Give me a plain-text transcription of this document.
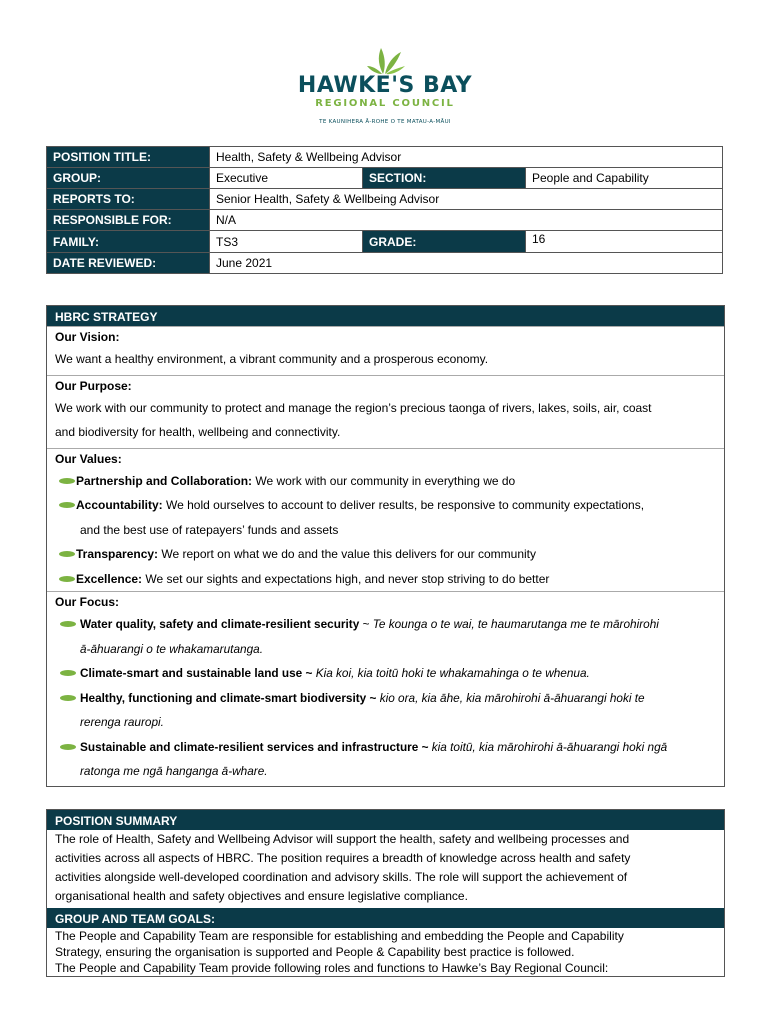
HAWKE'S BAY
REGIONAL COUNCIL
TE KAUNIHERA Ā-ROHE O TE MATAU-A-MĀUI
POSITION TITLE:	Health, Safety & Wellbeing Advisor		
GROUP:	Executive	SECTION:	People and Capability
REPORTS TO:	Senior Health, Safety & Wellbeing Advisor		
RESPONSIBLE FOR:	N/A		
FAMILY:	TS3	GRADE:	16
DATE REVIEWED:	June 2021		
HBRC STRATEGY
Our Vision:
We want a healthy environment, a vibrant community and a prosperous economy.
Our Purpose:
We work with our community to protect and manage the region’s precious taonga of rivers, lakes, soils, air, coast
and biodiversity for health, wellbeing and connectivity.
Our Values:
Partnership and Collaboration: We work with our community in everything we do
Accountability: We hold ourselves to account to deliver results, be responsive to community expectations,
and the best use of ratepayers’ funds and assets
Transparency: We report on what we do and the value this delivers for our community
Excellence: We set our sights and expectations high, and never stop striving to do better
Our Focus:
Water quality, safety and climate-resilient security ~ Te kounga o te wai, te haumarutanga me te mārohirohi
ā-āhuarangi o te whakamarutanga.
Climate-smart and sustainable land use ~ Kia koi, kia toitū hoki te whakamahinga o te whenua.
Healthy, functioning and climate-smart biodiversity ~ kio ora, kia āhe, kia mārohirohi ā-āhuarangi hoki te
rerenga rauropi.
Sustainable and climate-resilient services and infrastructure ~ kia toitū, kia mārohirohi ā-āhuarangi hoki ngā
ratonga me ngā hanganga ā-whare.
POSITION SUMMARY
The role of Health, Safety and Wellbeing Advisor will support the health, safety and wellbeing processes and
activities across all aspects of HBRC. The position requires a breadth of knowledge across health and safety
activities alongside well-developed coordination and advisory skills. The role will support the achievement of
organisational health and safety objectives and ensure legislative compliance.
GROUP AND TEAM GOALS:
The People and Capability Team are responsible for establishing and embedding the People and Capability
Strategy, ensuring the organisation is supported and People & Capability best practice is followed.
The People and Capability Team provide following roles and functions to Hawke’s Bay Regional Council:
